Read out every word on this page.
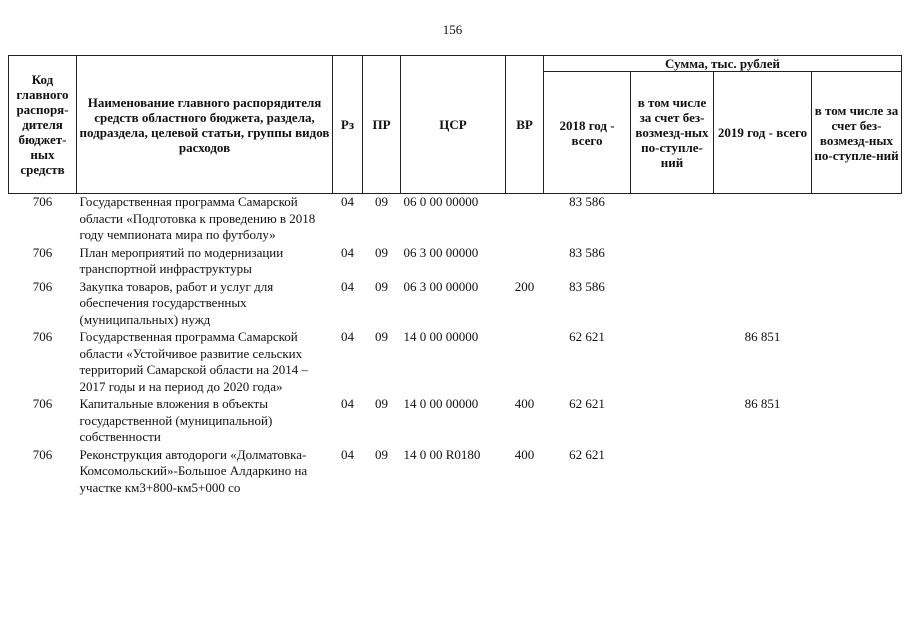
156
Код главного распоря-дителя бюджет-ных средств	Наименование главного распорядителя средств областного бюджета, раздела, подраздела, целевой статьи, группы видов расходов	Рз	ПР	ЦСР	ВР	Сумма, тыс. рублей			
						2018 год - всего	в том числе за счет без-возмезд-ных по-ступле-ний	2019 год - всего	в том числе за счет без-возмезд-ных по-ступле-ний
706	Государственная программа Самарской области «Подготовка к проведению в 2018 году чемпионата мира по футболу»	04	09	06 0 00 00000		83 586			
706	План мероприятий по модернизации транспортной инфраструктуры	04	09	06 3 00 00000		83 586			
706	Закупка товаров, работ и услуг для обеспечения государственных (муниципальных) нужд	04	09	06 3 00 00000	200	83 586			
706	Государственная программа Самарской области «Устойчивое развитие сельских территорий Самарской области на 2014 – 2017 годы и на период до 2020 года»	04	09	14 0 00 00000		62 621		86 851	
706	Капитальные вложения в объекты государственной (муниципальной) собственности	04	09	14 0 00 00000	400	62 621		86 851	
706	Реконструкция автодороги «Долматовка-Комсомольский»-Большое Алдаркино на участке км3+800-км5+000 со	04	09	14 0 00 R0180	400	62 621			
